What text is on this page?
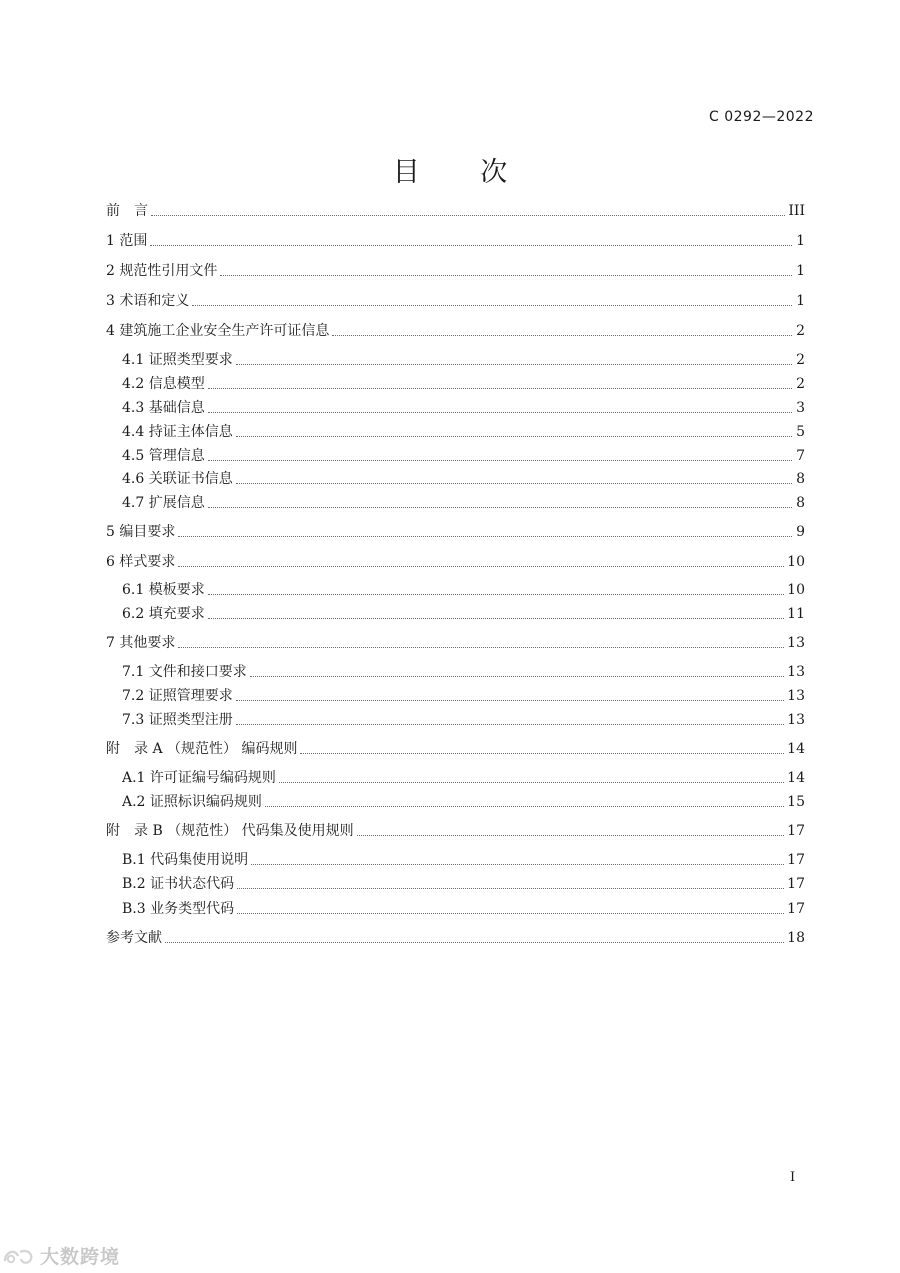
C 0292—2022
目 次
前　言	III
1 范围	1
2 规范性引用文件	1
3 术语和定义	1
4 建筑施工企业安全生产许可证信息	2
4.1 证照类型要求	2
4.2 信息模型	2
4.3 基础信息	3
4.4 持证主体信息	5
4.5 管理信息	7
4.6 关联证书信息	8
4.7 扩展信息	8
5 编目要求	9
6 样式要求	10
6.1 模板要求	10
6.2 填充要求	11
7 其他要求	13
7.1 文件和接口要求	13
7.2 证照管理要求	13
7.3 证照类型注册	13
附　录 A （规范性） 编码规则	14
A.1 许可证编号编码规则	14
A.2 证照标识编码规则	15
附　录 B （规范性） 代码集及使用规则	17
B.1 代码集使用说明	17
B.2 证书状态代码	17
B.3 业务类型代码	17
参考文献	18
I
大数跨境
